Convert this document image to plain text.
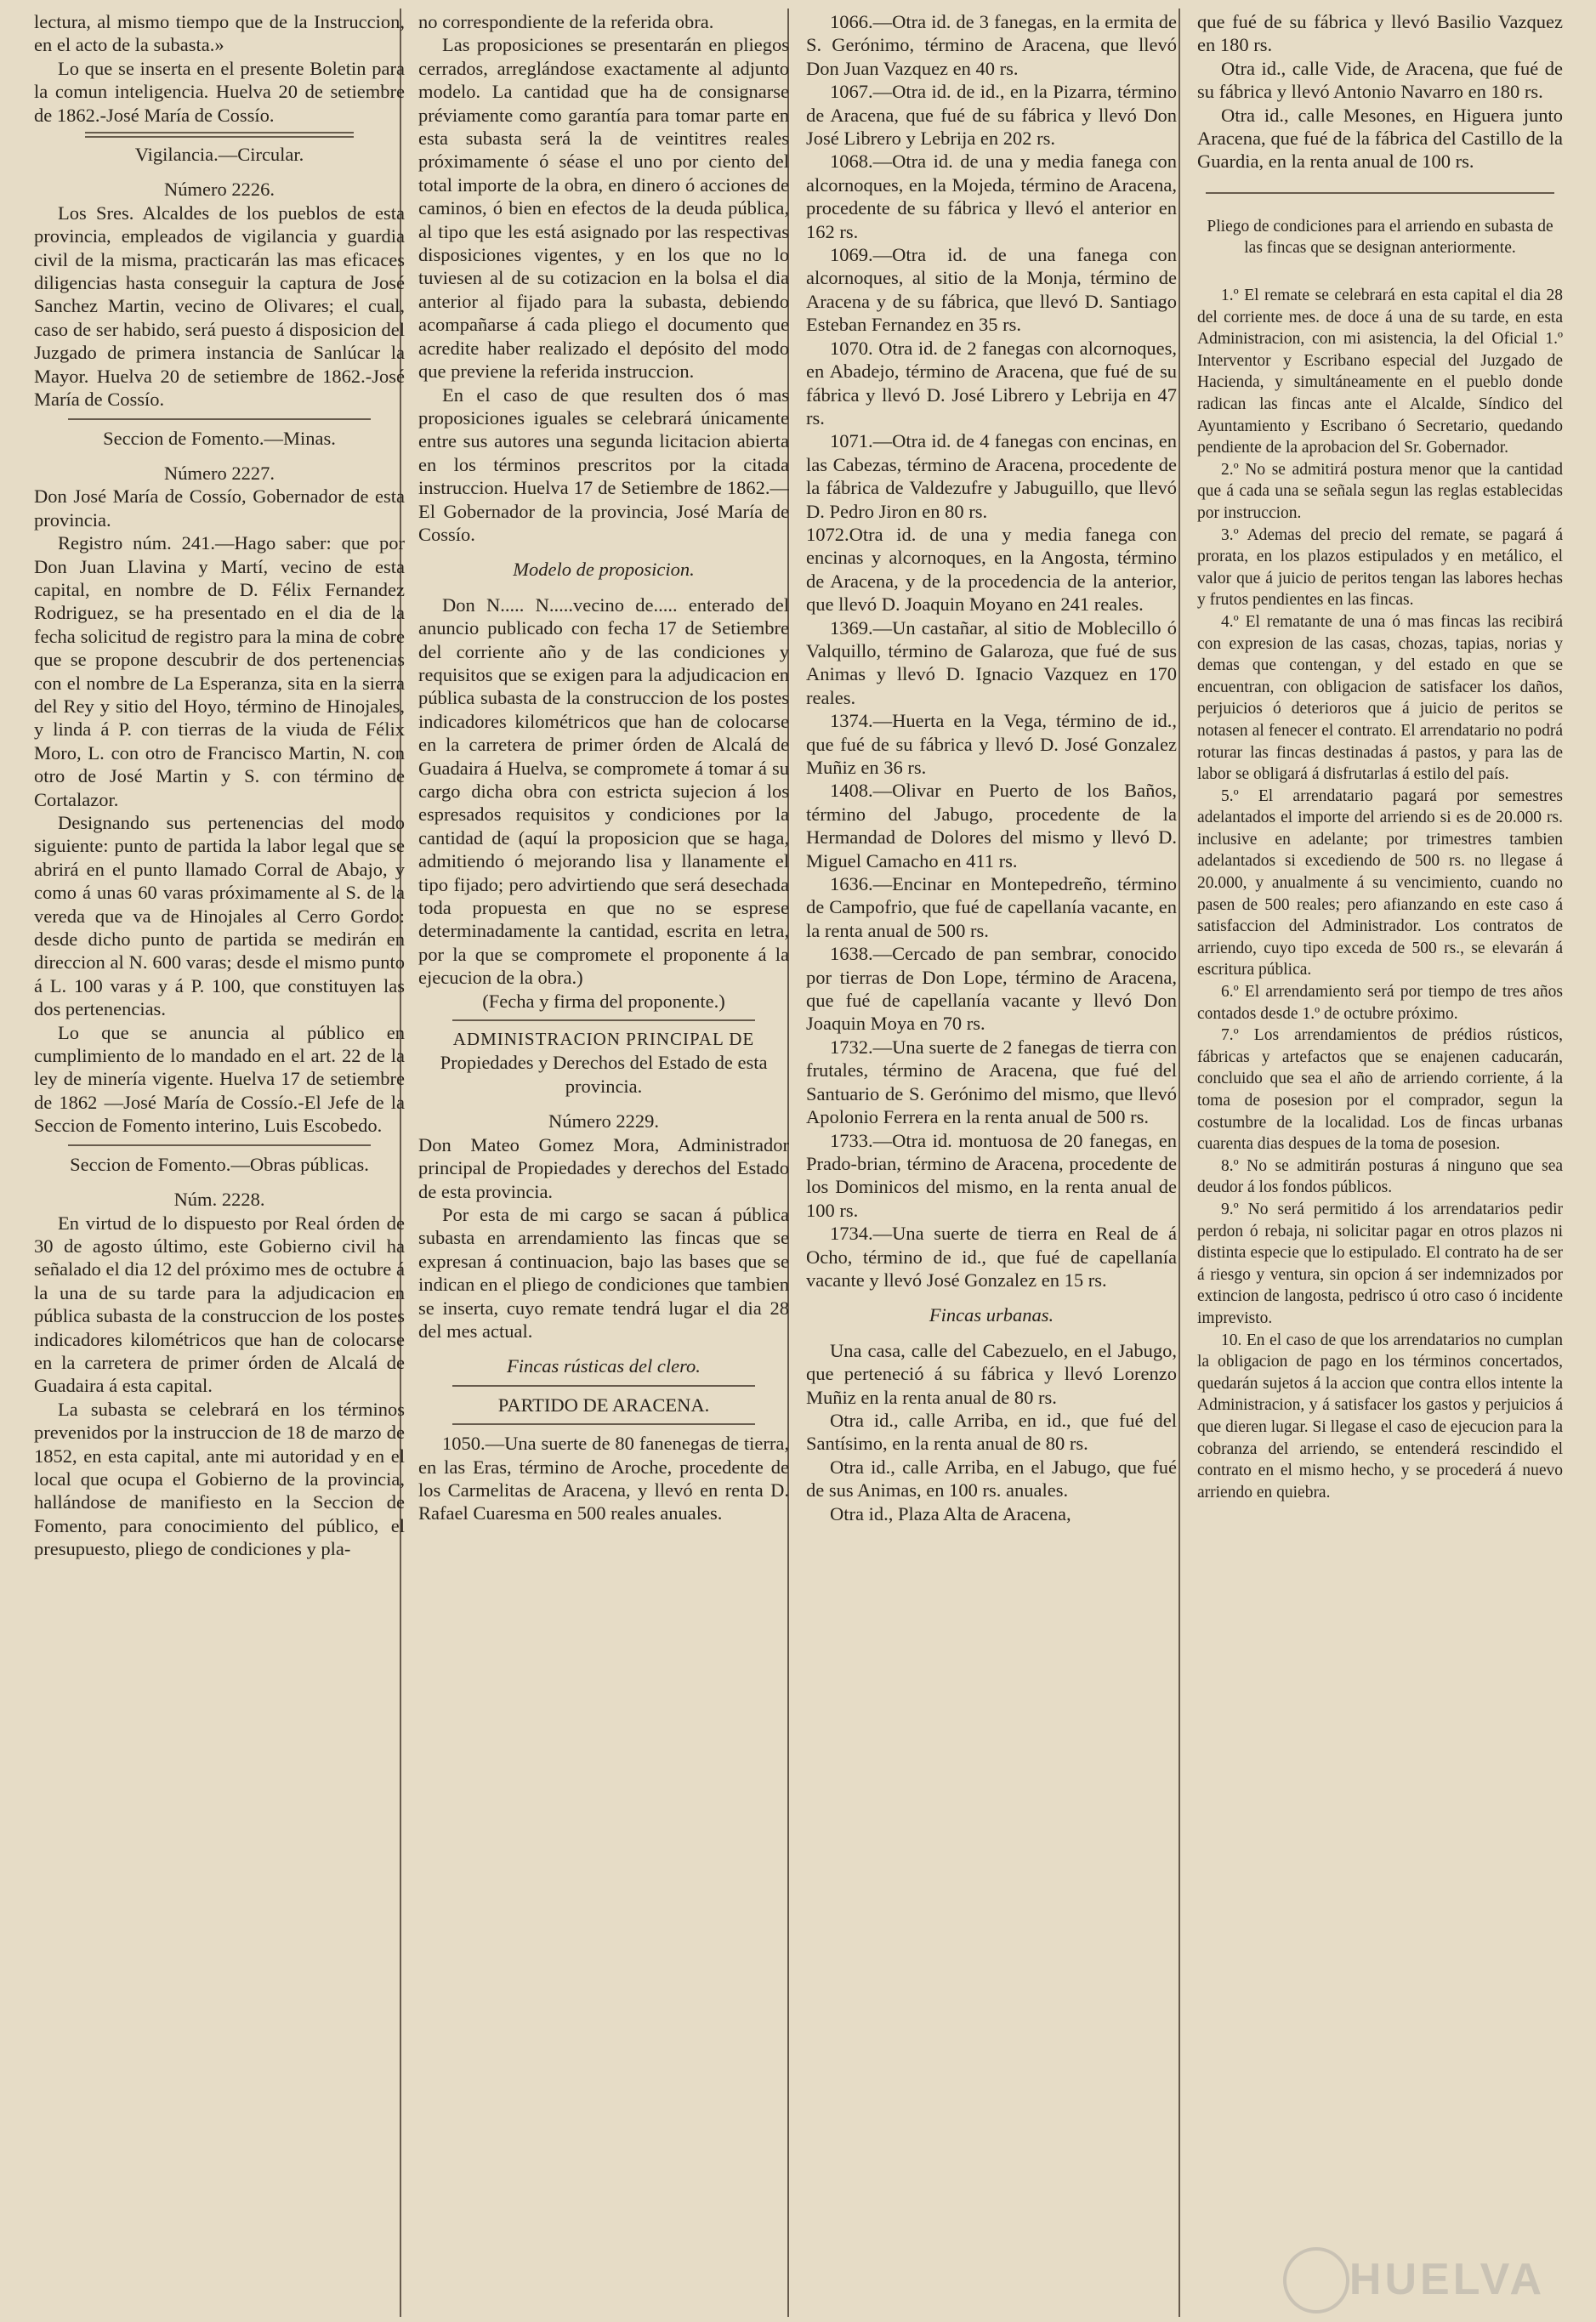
lectura, al mismo tiempo que de la Instruccion, en el acto de la subasta.»

Lo que se inserta en el presente Boletin para la comun inteligencia. Huelva 20 de setiembre de 1862.-José María de Cossío.

Vigilancia.—Circular.

Número 2226.

Los Sres. Alcaldes de los pueblos de esta provincia, empleados de vigilancia y guardia civil de la misma, practicarán las mas eficaces diligencias hasta conseguir la captura de José Sanchez Martin, vecino de Olivares; el cual, caso de ser habido, será puesto á disposicion del Juzgado de primera instancia de Sanlúcar la Mayor. Huelva 20 de setiembre de 1862.-José María de Cossío.

Seccion de Fomento.—Minas.

Número 2227.

Don José María de Cossío, Gobernador de esta provincia.

Registro núm. 241.—Hago saber: que por Don Juan Llavina y Martí, vecino de esta capital, en nombre de D. Félix Fernandez Rodriguez, se ha presentado en el dia de la fecha solicitud de registro para la mina de cobre que se propone descubrir de dos pertenencias con el nombre de La Esperanza, sita en la sierra del Rey y sitio del Hoyo, término de Hinojales, y linda á P. con tierras de la viuda de Félix Moro, L. con otro de Francisco Martin, N. con otro de José Martin y S. con término de Cortalazor.

Designando sus pertenencias del modo siguiente: punto de partida la labor legal que se abrirá en el punto llamado Corral de Abajo, y como á unas 60 varas próximamente al S. de la vereda que va de Hinojales al Cerro Gordo: desde dicho punto de partida se medirán en direccion al N. 600 varas; desde el mismo punto á L. 100 varas y á P. 100, que constituyen las dos pertenencias.

Lo que se anuncia al público en cumplimiento de lo mandado en el art. 22 de la ley de minería vigente. Huelva 17 de setiembre de 1862 —José María de Cossío.-El Jefe de la Seccion de Fomento interino, Luis Escobedo.

Seccion de Fomento.—Obras públicas.

Núm. 2228.

En virtud de lo dispuesto por Real órden de 30 de agosto último, este Gobierno civil ha señalado el dia 12 del próximo mes de octubre á la una de su tarde para la adjudicacion en pública subasta de la construccion de los postes indicadores kilométricos que han de colocarse en la carretera de primer órden de Alcalá de Guadaira á esta capital.

La subasta se celebrará en los términos prevenidos por la instruccion de 18 de marzo de 1852, en esta capital, ante mi autoridad y en el local que ocupa el Gobierno de la provincia, hallándose de manifiesto en la Seccion de Fomento, para conocimiento del público, el presupuesto, pliego de condiciones y pla-

no correspondiente de la referida obra.

Las proposiciones se presentarán en pliegos cerrados, arreglándose exactamente al adjunto modelo. La cantidad que ha de consignarse préviamente como garantía para tomar parte en esta subasta será la de veintitres reales próximamente ó séase el uno por ciento del total importe de la obra, en dinero ó acciones de caminos, ó bien en efectos de la deuda pública, al tipo que les está asignado por las respectivas disposiciones vigentes, y en los que no lo tuviesen al de su cotizacion en la bolsa el dia anterior al fijado para la subasta, debiendo acompañarse á cada pliego el documento que acredite haber realizado el depósito del modo que previene la referida instruccion.

En el caso de que resulten dos ó mas proposiciones iguales se celebrará únicamente entre sus autores una segunda licitacion abierta en los términos prescritos por la citada instruccion. Huelva 17 de Setiembre de 1862.—El Gobernador de la provincia, José María de Cossío.

Modelo de proposicion.

Don N..... N.....vecino de..... enterado del anuncio publicado con fecha 17 de Setiembre del corriente año y de las condiciones y requisitos que se exigen para la adjudicacion en pública subasta de la construccion de los postes indicadores kilométricos que han de colocarse en la carretera de primer órden de Alcalá de Guadaira á Huelva, se compromete á tomar á su cargo dicha obra con estricta sujecion á los espresados requisitos y condiciones por la cantidad de (aquí la proposicion que se haga, admitiendo ó mejorando lisa y llanamente el tipo fijado; pero advirtiendo que será desechada toda propuesta en que no se esprese determinadamente la cantidad, escrita en letra, por la que se compromete el proponente á la ejecucion de la obra.)

(Fecha y firma del proponente.)

ADMINISTRACION PRINCIPAL DE

Propiedades y Derechos del Estado de esta provincia.

Número 2229.

Don Mateo Gomez Mora, Administrador principal de Propiedades y derechos del Estado de esta provincia.

Por esta de mi cargo se sacan á pública subasta en arrendamiento las fincas que se expresan á continuacion, bajo las bases que se indican en el pliego de condiciones que tambien se inserta, cuyo remate tendrá lugar el dia 28 del mes actual.

Fincas rústicas del clero.

PARTIDO DE ARACENA.

1050.—Una suerte de 80 fanenegas de tierra, en las Eras, término de Aroche, procedente de los Carmelitas de Aracena, y llevó en renta D. Rafael Cuaresma en 500 reales anuales.

1066.—Otra id. de 3 fanegas, en la ermita de S. Gerónimo, término de Aracena, que llevó Don Juan Vazquez en 40 rs.

1067.—Otra id. de id., en la Pizarra, término de Aracena, que fué de su fábrica y llevó Don José Librero y Lebrija en 202 rs.

1068.—Otra id. de una y media fanega con alcornoques, en la Mojeda, término de Aracena, procedente de su fábrica y llevó el anterior en 162 rs.

1069.—Otra id. de una fanega con alcornoques, al sitio de la Monja, término de Aracena y de su fábrica, que llevó D. Santiago Esteban Fernandez en 35 rs.

1070. Otra id. de 2 fanegas con alcornoques, en Abadejo, término de Aracena, que fué de su fábrica y llevó D. José Librero y Lebrija en 47 rs.

1071.—Otra id. de 4 fanegas con encinas, en las Cabezas, término de Aracena, procedente de la fábrica de Valdezufre y Jabuguillo, que llevó D. Pedro Jiron en 80 rs.

1072.Otra id. de una y media fanega con encinas y alcornoques, en la Angosta, término de Aracena, y de la procedencia de la anterior, que llevó D. Joaquin Moyano en 241 reales.

1369.—Un castañar, al sitio de Moblecillo ó Valquillo, término de Galaroza, que fué de sus Animas y llevó D. Ignacio Vazquez en 170 reales.

1374.—Huerta en la Vega, término de id., que fué de su fábrica y llevó D. José Gonzalez Muñiz en 36 rs.

1408.—Olivar en Puerto de los Baños, término del Jabugo, procedente de la Hermandad de Dolores del mismo y llevó D. Miguel Camacho en 411 rs.

1636.—Encinar en Montepedreño, término de Campofrio, que fué de capellanía vacante, en la renta anual de 500 rs.

1638.—Cercado de pan sembrar, conocido por tierras de Don Lope, término de Aracena, que fué de capellanía vacante y llevó Don Joaquin Moya en 70 rs.

1732.—Una suerte de 2 fanegas de tierra con frutales, término de Aracena, que fué del Santuario de S. Gerónimo del mismo, que llevó Apolonio Ferrera en la renta anual de 500 rs.

1733.—Otra id. montuosa de 20 fanegas, en Prado-brian, término de Aracena, procedente de los Dominicos del mismo, en la renta anual de 100 rs.

1734.—Una suerte de tierra en Real de á Ocho, término de id., que fué de capellanía vacante y llevó José Gonzalez en 15 rs.

Fincas urbanas.

Una casa, calle del Cabezuelo, en el Jabugo, que perteneció á su fábrica y llevó Lorenzo Muñiz en la renta anual de 80 rs.

Otra id., calle Arriba, en id., que fué del Santísimo, en la renta anual de 80 rs.

Otra id., calle Arriba, en el Jabugo, que fué de sus Animas, en 100 rs. anuales.

Otra id., Plaza Alta de Aracena,

que fué de su fábrica y llevó Basilio Vazquez en 180 rs.

Otra id., calle Vide, de Aracena, que fué de su fábrica y llevó Antonio Navarro en 180 rs.

Otra id., calle Mesones, en Higuera junto Aracena, que fué de la fábrica del Castillo de la Guardia, en la renta anual de 100 rs.

Pliego de condiciones para el arriendo en subasta de las fincas que se designan anteriormente.

1.º El remate se celebrará en esta capital el dia 28 del corriente mes. de doce á una de su tarde, en esta Administracion, con mi asistencia, la del Oficial 1.º Interventor y Escribano especial del Juzgado de Hacienda, y simultáneamente en el pueblo donde radican las fincas ante el Alcalde, Síndico del Ayuntamiento y Escribano ó Secretario, quedando pendiente de la aprobacion del Sr. Gobernador.

2.º No se admitirá postura menor que la cantidad que á cada una se señala segun las reglas establecidas por instruccion.

3.º Ademas del precio del remate, se pagará á prorata, en los plazos estipulados y en metálico, el valor que á juicio de peritos tengan las labores hechas y frutos pendientes en las fincas.

4.º El rematante de una ó mas fincas las recibirá con expresion de las casas, chozas, tapias, norias y demas que contengan, y del estado en que se encuentran, con obligacion de satisfacer los daños, perjuicios ó deterioros que á juicio de peritos se notasen al fenecer el contrato. El arrendatario no podrá roturar las fincas destinadas á pastos, y para las de labor se obligará á disfrutarlas á estilo del país.

5.º El arrendatario pagará por semestres adelantados el importe del arriendo si es de 20.000 rs. inclusive en adelante; por trimestres tambien adelantados si excediendo de 500 rs. no llegase á 20.000, y anualmente á su vencimiento, cuando no pasen de 500 reales; pero afianzando en este caso á satisfaccion del Administrador. Los contratos de arriendo, cuyo tipo exceda de 500 rs., se elevarán á escritura pública.

6.º El arrendamiento será por tiempo de tres años contados desde 1.º de octubre próximo.

7.º Los arrendamientos de prédios rústicos, fábricas y artefactos que se enajenen caducarán, concluido que sea el año de arriendo corriente, á la toma de posesion por el comprador, segun la costumbre de la localidad. Los de fincas urbanas cuarenta dias despues de la toma de posesion.

8.º No se admitirán posturas á ninguno que sea deudor á los fondos públicos.

9.º No será permitido á los arrendatarios pedir perdon ó rebaja, ni solicitar pagar en otros plazos ni distinta especie que lo estipulado. El contrato ha de ser á riesgo y ventura, sin opcion á ser indemnizados por extincion de langosta, pedrisco ú otro caso ó incidente imprevisto.

10. En el caso de que los arrendatarios no cumplan la obligacion de pago en los términos concertados, quedarán sujetos á la accion que contra ellos intente la Administracion, y á satisfacer los gastos y perjuicios á que dieren lugar. Si llegase el caso de ejecucion para la cobranza del arriendo, se entenderá rescindido el contrato en el mismo hecho, y se procederá á nuevo arriendo en quiebra.

HUELVA
